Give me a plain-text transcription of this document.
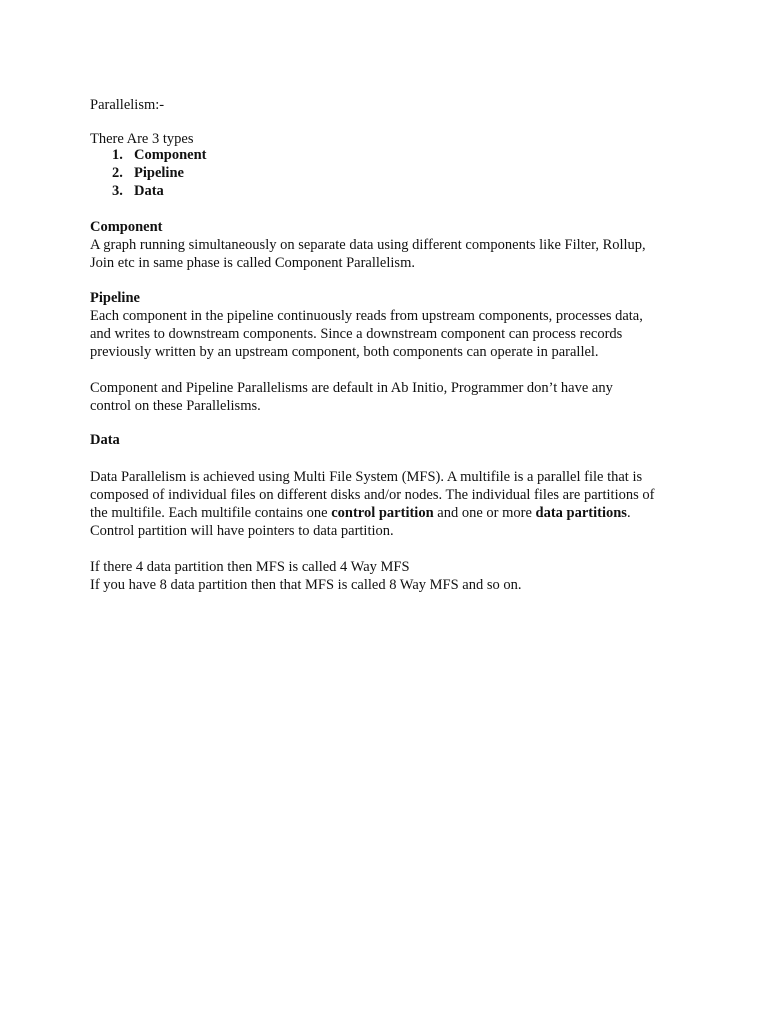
Parallelism:-

There Are 3 types

1. Component
2. Pipeline
3. Data
Component
A graph running simultaneously on separate data using different components like Filter, Rollup,
Join etc in same phase is called Component Parallelism.
Pipeline
Each component in the pipeline continuously reads from upstream components, processes data,
and writes to downstream components. Since a downstream component can process records
previously written by an upstream component, both components can operate in parallel.
Component and Pipeline Parallelisms are default in Ab Initio, Programmer don’t have any
control on these Parallelisms.
Data
Data Parallelism is achieved using Multi File System (MFS). A multifile is a parallel file that is
composed of individual files on different disks and/or nodes. The individual files are partitions of
the multifile. Each multifile contains one control partition and one or more data partitions.
Control partition will have pointers to data partition.
If there 4 data partition then MFS is called 4 Way MFS
If you have 8 data partition then that MFS is called 8 Way MFS and so on.
